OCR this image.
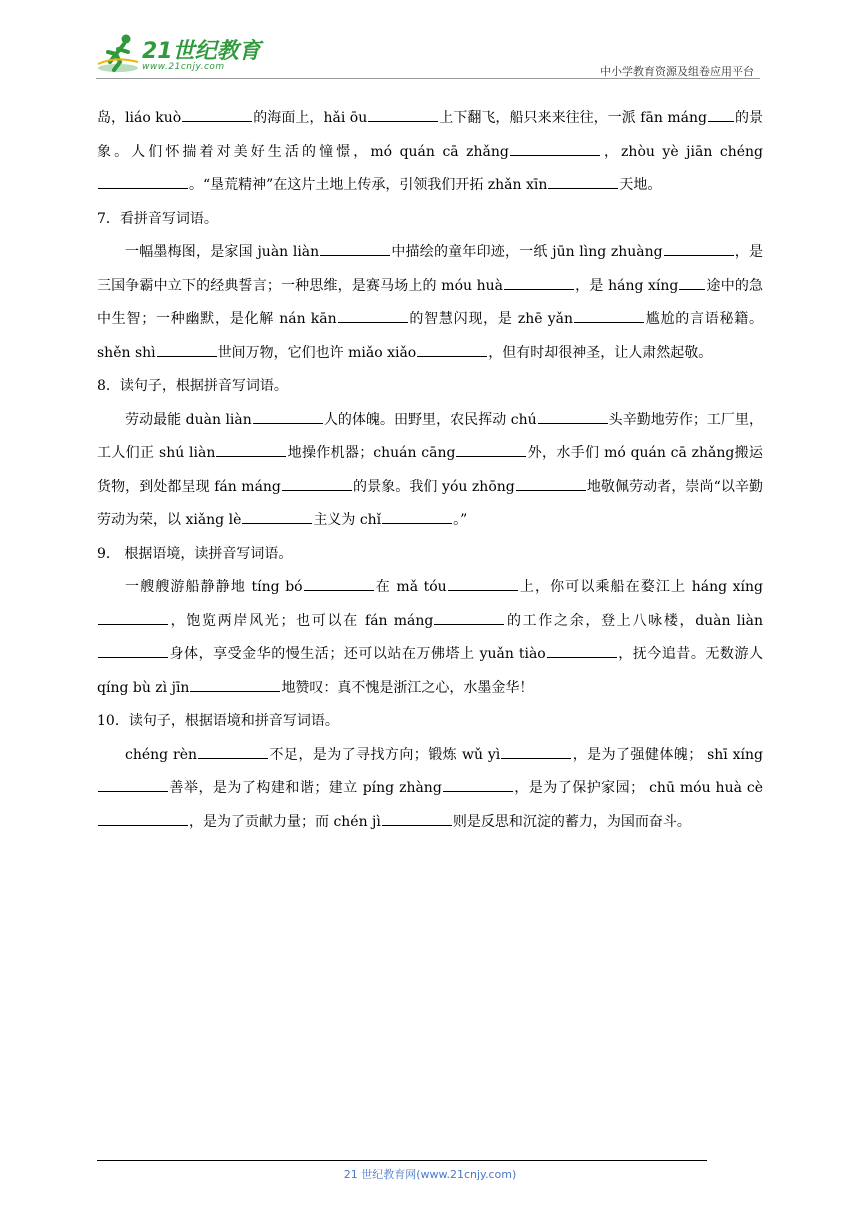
21世纪教育
www.21cnjy.com	中小学教育资源及组卷应用平台

岛，liáo kuò	的海面上，hǎi ōu	上下翻飞，船只来来往往，一派 fān máng 的景象。人们怀揣着对美好生活的憧憬，mó quán cā zhǎng	，zhòu yè jiān chéng。“垦荒精神”在这片土地上传承，引领我们开拓 zhǎn xīn	天地。

7．看拼音写词语。

一幅墨梅图，是家国 juàn liàn	中描绘的童年印迹，一纸 jūn lìng zhuàng	，是三国争霸中立下的经典誓言；一种思维，是赛马场上的 móu huà	，是 háng xíng 途中的急中生智；一种幽默，是化解 nán kān	的智慧闪现，是 zhē yǎn	尴尬的言语秘籍。shěn shì	世间万物，它们也许 miǎo xiǎo	，但有时却很神圣，让人肃然起敬。

8．读句子，根据拼音写词语。

劳动最能 duàn liàn	人的体魄。田野里，农民挥动 chú	头辛勤地劳作；工厂里，工人们正 shú liàn	地操作机器；chuán cāng	外，水手们 mó quán cā zhǎng搬运货物，到处都呈现 fán máng	的景象。我们 yóu zhōng	地敬佩劳动者，崇尚“以辛勤劳动为荣，以 xiǎng lè	主义为 chǐ	。”

9． 根据语境，读拼音写词语。

一艘艘游船静静地 tíng bó	在 mǎ tóu	上，你可以乘船在婺江上 háng xíng，饱览两岸风光；也可以在 fán máng	的工作之余，登上八咏楼，duàn liàn身体，享受金华的慢生活；还可以站在万佛塔上 yuǎn tiào	，抚今追昔。无数游人 qíng bù zì jīn	地赞叹：真不愧是浙江之心，水墨金华！

10．读句子，根据语境和拼音写词语。

chéng rèn	不足，是为了寻找方向；锻炼 wǔ yì	，是为了强健体魄； shī xíng善举，是为了构建和谐；建立 píng zhàng	，是为了保护家园； chū móu huà cè，是为了贡献力量；而 chén jì	则是反思和沉淀的蓄力，为国而奋斗。

21 世纪教育网(www.21cnjy.com)
